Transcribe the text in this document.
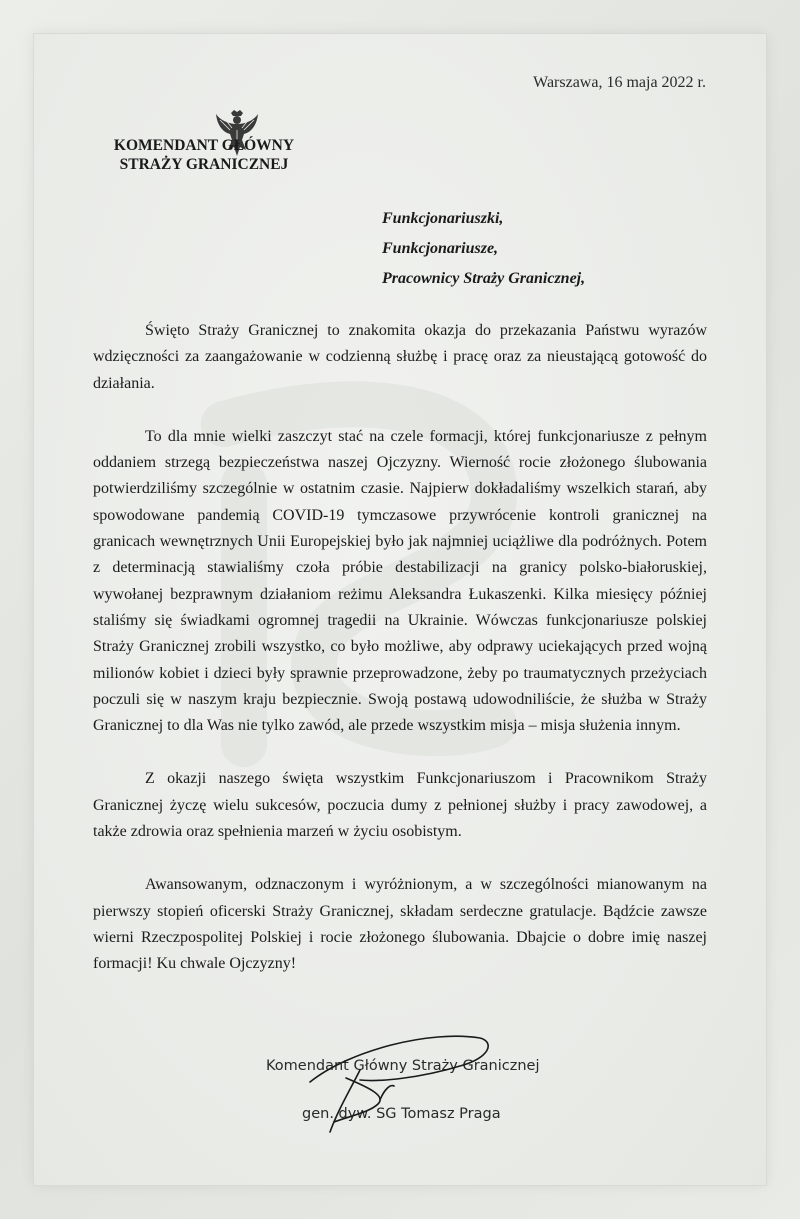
Warszawa, 16 maja 2022 r.
KOMENDANT GŁÓWNY
STRAŻY GRANICZNEJ
Funkcjonariuszki,
Funkcjonariusze,
Pracownicy Straży Granicznej,

Święto Straży Granicznej to znakomita okazja do przekazania Państwu wyrazów wdzięczności za zaangażowanie w codzienną służbę i pracę oraz za nieustającą gotowość do działania.

To dla mnie wielki zaszczyt stać na czele formacji, której funkcjonariusze z pełnym oddaniem strzegą bezpieczeństwa naszej Ojczyzny. Wierność rocie złożonego ślubowania potwierdziliśmy szczególnie w ostatnim czasie. Najpierw dokładaliśmy wszelkich starań, aby spowodowane pandemią COVID-19 tymczasowe przywrócenie kontroli granicznej na granicach wewnętrznych Unii Europejskiej było jak najmniej uciążliwe dla podróżnych. Potem z determinacją stawialiśmy czoła próbie destabilizacji na granicy polsko-białoruskiej, wywołanej bezprawnym działaniom reżimu Aleksandra Łukaszenki. Kilka miesięcy później staliśmy się świadkami ogromnej tragedii na Ukrainie. Wówczas funkcjonariusze polskiej Straży Granicznej zrobili wszystko, co było możliwe, aby odprawy uciekających przed wojną milionów kobiet i dzieci były sprawnie przeprowadzone, żeby po traumatycznych przeżyciach poczuli się w naszym kraju bezpiecznie. Swoją postawą udowodniliście, że służba w Straży Granicznej to dla Was nie tylko zawód, ale przede wszystkim misja – misja służenia innym.

Z okazji naszego święta wszystkim Funkcjonariuszom i Pracownikom Straży Granicznej życzę wielu sukcesów, poczucia dumy z pełnionej służby i pracy zawodowej, a także zdrowia oraz spełnienia marzeń w życiu osobistym.

Awansowanym, odznaczonym i wyróżnionym, a w szczególności mianowanym na pierwszy stopień oficerski Straży Granicznej, składam serdeczne gratulacje. Bądźcie zawsze wierni Rzeczpospolitej Polskiej i rocie złożonego ślubowania. Dbajcie o dobre imię naszej formacji! Ku chwale Ojczyzny!

Komendant Główny Straży Granicznej
gen. dyw. SG Tomasz Praga
